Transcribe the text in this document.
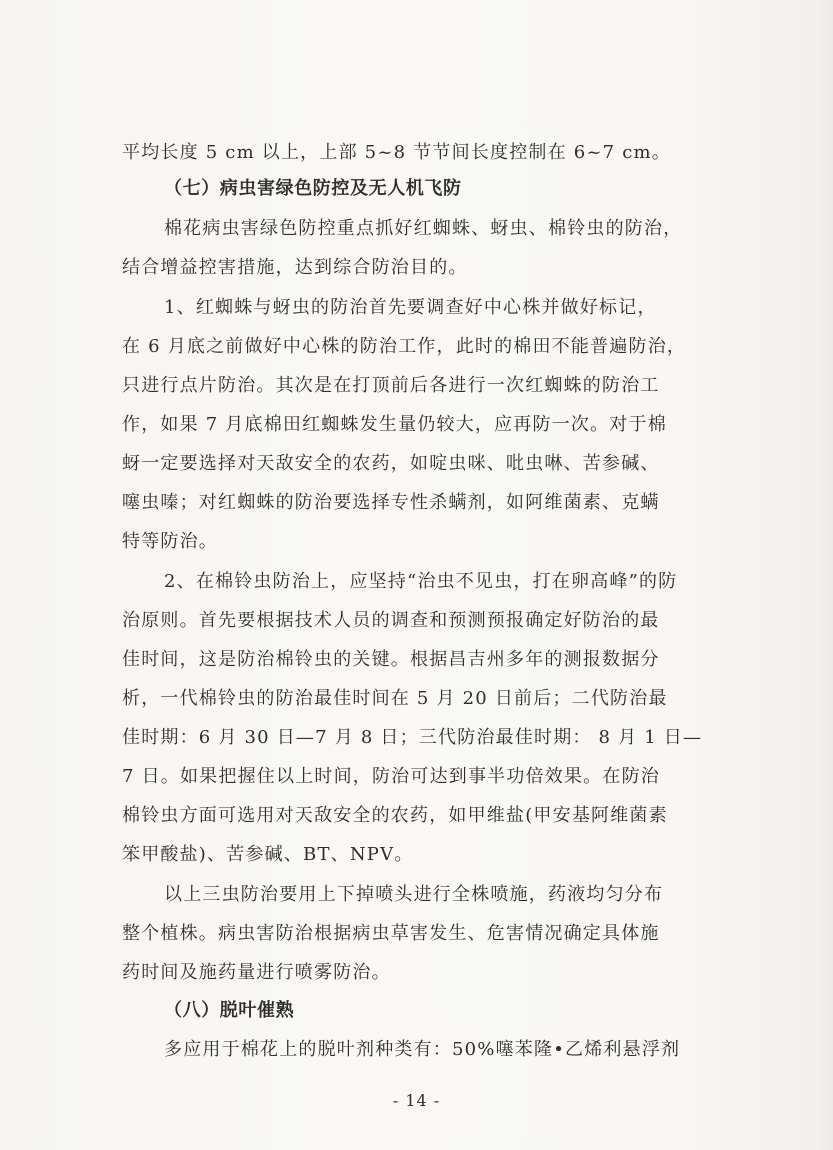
平均长度 5 cm 以上，上部 5~8 节节间长度控制在 6~7 cm。
（七）病虫害绿色防控及无人机飞防
棉花病虫害绿色防控重点抓好红蜘蛛、蚜虫、棉铃虫的防治，
结合增益控害措施，达到综合防治目的。
1、红蜘蛛与蚜虫的防治首先要调查好中心株并做好标记，
在 6 月底之前做好中心株的防治工作，此时的棉田不能普遍防治，
只进行点片防治。其次是在打顶前后各进行一次红蜘蛛的防治工
作，如果 7 月底棉田红蜘蛛发生量仍较大，应再防一次。对于棉
蚜一定要选择对天敌安全的农药，如啶虫咪、吡虫啉、苦参碱、
噻虫嗪；对红蜘蛛的防治要选择专性杀螨剂，如阿维菌素、克螨
特等防治。
2、在棉铃虫防治上，应坚持“治虫不见虫，打在卵高峰”的防
治原则。首先要根据技术人员的调查和预测预报确定好防治的最
佳时间，这是防治棉铃虫的关键。根据昌吉州多年的测报数据分
析，一代棉铃虫的防治最佳时间在 5 月 20 日前后；二代防治最
佳时期：6 月 30 日—7 月 8 日；三代防治最佳时期： 8 月 1 日—
7 日。如果把握住以上时间，防治可达到事半功倍效果。在防治
棉铃虫方面可选用对天敌安全的农药，如甲维盐(甲安基阿维菌素
笨甲酸盐)、苦参碱、BT、NPV。
以上三虫防治要用上下掉喷头进行全株喷施，药液均匀分布
整个植株。病虫害防治根据病虫草害发生、危害情况确定具体施
药时间及施药量进行喷雾防治。
（八）脱叶催熟
多应用于棉花上的脱叶剂种类有：50%噻苯隆•乙烯利悬浮剂
- 14 -
